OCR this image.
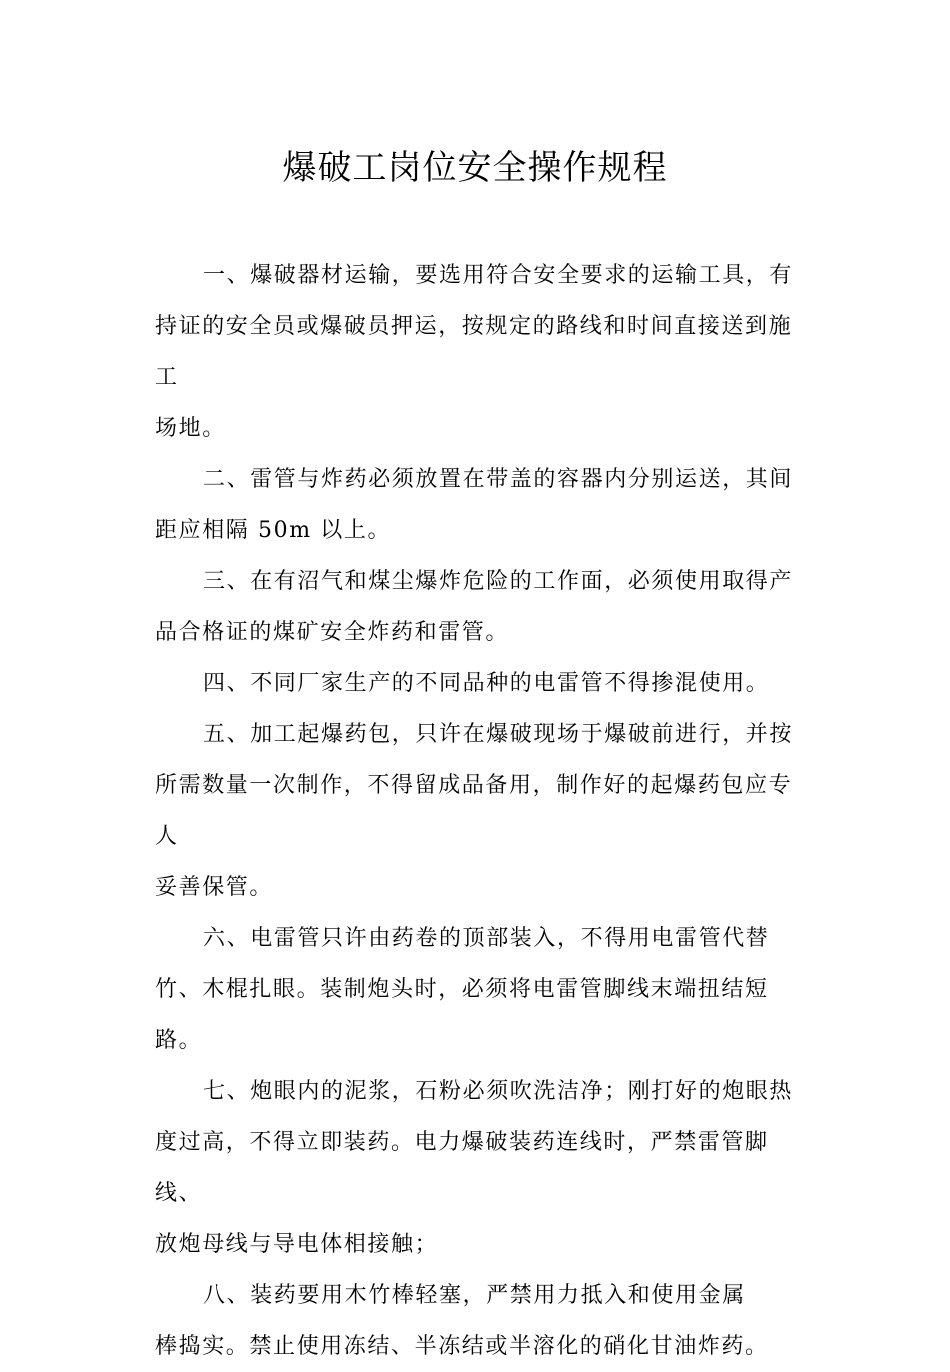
爆破工岗位安全操作规程

一、爆破器材运输，要选用符合安全要求的运输工具，有
持证的安全员或爆破员押运，按规定的路线和时间直接送到施工
场地。

二、雷管与炸药必须放置在带盖的容器内分别运送，其间
距应相隔 50m 以上。

三、在有沼气和煤尘爆炸危险的工作面，必须使用取得产
品合格证的煤矿安全炸药和雷管。

四、不同厂家生产的不同品种的电雷管不得掺混使用。

五、加工起爆药包，只许在爆破现场于爆破前进行，并按
所需数量一次制作，不得留成品备用，制作好的起爆药包应专人
妥善保管。

六、电雷管只许由药卷的顶部装入，不得用电雷管代替
竹、木棍扎眼。装制炮头时，必须将电雷管脚线末端扭结短路。

七、炮眼内的泥浆，石粉必须吹洗洁净；刚打好的炮眼热
度过高，不得立即装药。电力爆破装药连线时，严禁雷管脚线、
放炮母线与导电体相接触；

八、装药要用木竹棒轻塞，严禁用力抵入和使用金属
棒捣实。禁止使用冻结、半冻结或半溶化的硝化甘油炸药。
